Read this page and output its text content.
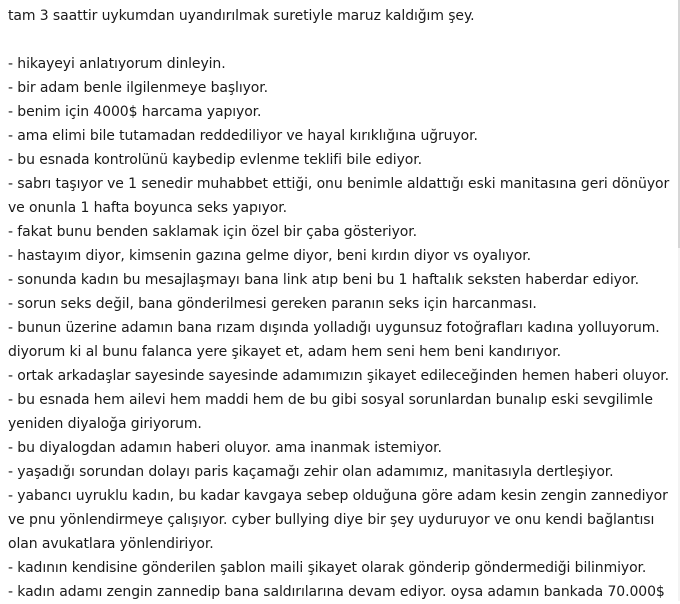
tam 3 saattir uykumdan uyandırılmak suretiyle maruz kaldığım şey.

- hikayeyi anlatıyorum dinleyin.

- bir adam benle ilgilenmeye başlıyor.

- benim için 4000$ harcama yapıyor.

- ama elimi bile tutamadan reddediliyor ve hayal kırıklığına uğruyor.

- bu esnada kontrolünü kaybedip evlenme teklifi bile ediyor.

- sabrı taşıyor ve 1 senedir muhabbet ettiği, onu benimle aldattığı eski manitasına geri dönüyor
ve onunla 1 hafta boyunca seks yapıyor.

- fakat bunu benden saklamak için özel bir çaba gösteriyor.

- hastayım diyor, kimsenin gazına gelme diyor, beni kırdın diyor vs oyalıyor.

- sonunda kadın bu mesajlaşmayı bana link atıp beni bu 1 haftalık seksten haberdar ediyor.

- sorun seks değil, bana gönderilmesi gereken paranın seks için harcanması.

- bunun üzerine adamın bana rızam dışında yolladığı uygunsuz fotoğrafları kadına yolluyorum.
diyorum ki al bunu falanca yere şikayet et, adam hem seni hem beni kandırıyor.

- ortak arkadaşlar sayesinde sayesinde adamımızın şikayet edileceğinden hemen haberi oluyor.

- bu esnada hem ailevi hem maddi hem de bu gibi sosyal sorunlardan bunalıp eski sevgilimle
yeniden diyaloğa giriyorum.

- bu diyalogdan adamın haberi oluyor. ama inanmak istemiyor.

- yaşadığı sorundan dolayı paris kaçamağı zehir olan adamımız, manitasıyla dertleşiyor.

- yabancı uyruklu kadın, bu kadar kavgaya sebep olduğuna göre adam kesin zengin zannediyor
ve pnu yönlendirmeye çalışıyor. cyber bullying diye bir şey uyduruyor ve onu kendi bağlantısı
olan avukatlara yönlendiriyor.

- kadının kendisine gönderilen şablon maili şikayet olarak gönderip göndermediği bilinmiyor.

- kadın adamı zengin zannedip bana saldırılarına devam ediyor. oysa adamın bankada 70.000$
